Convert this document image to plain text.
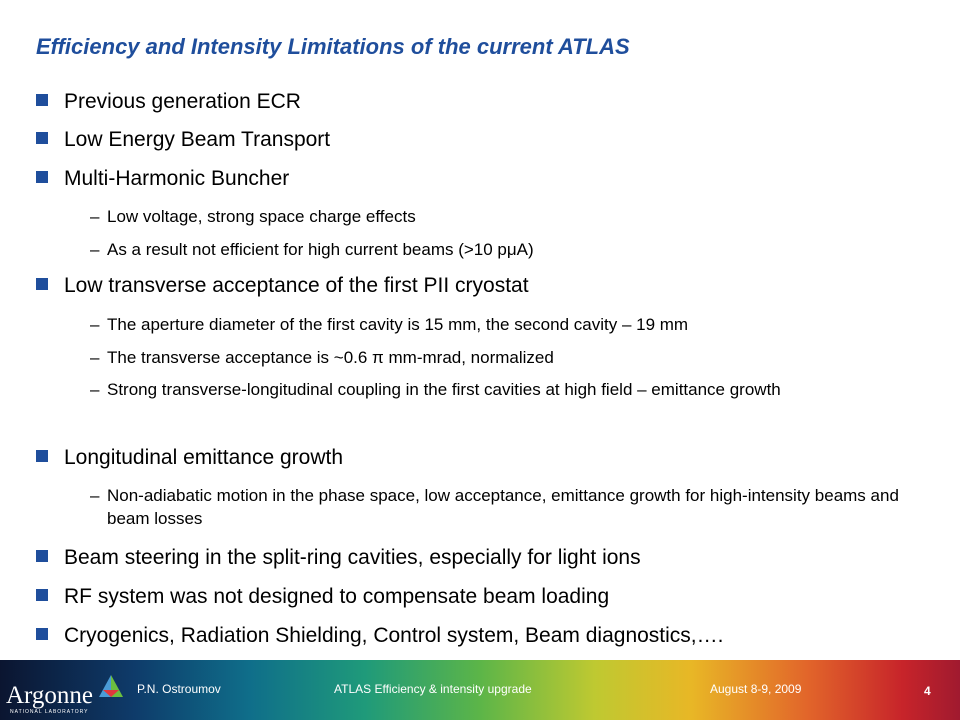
Efficiency and Intensity Limitations of the current ATLAS
Previous generation ECR
Low Energy Beam Transport
Multi-Harmonic Buncher
– Low voltage, strong space charge effects
– As a result not efficient for high current beams (>10 pμA)
Low transverse acceptance of the first PII cryostat
– The aperture diameter of the first cavity is 15 mm, the second cavity – 19 mm
– The transverse acceptance is ~0.6 π mm-mrad, normalized
– Strong transverse-longitudinal coupling in the first cavities at high field – emittance growth
Longitudinal emittance growth
– Non-adiabatic motion in the phase space, low acceptance, emittance growth for high-intensity beams and beam losses
Beam steering in the split-ring cavities, especially for light ions
RF system was not designed to compensate beam loading
Cryogenics, Radiation Shielding, Control system, Beam diagnostics,….
P.N. Ostroumov	ATLAS Efficiency & intensity upgrade	August 8-9, 2009
Argonne
NATIONAL LABORATORY
4
